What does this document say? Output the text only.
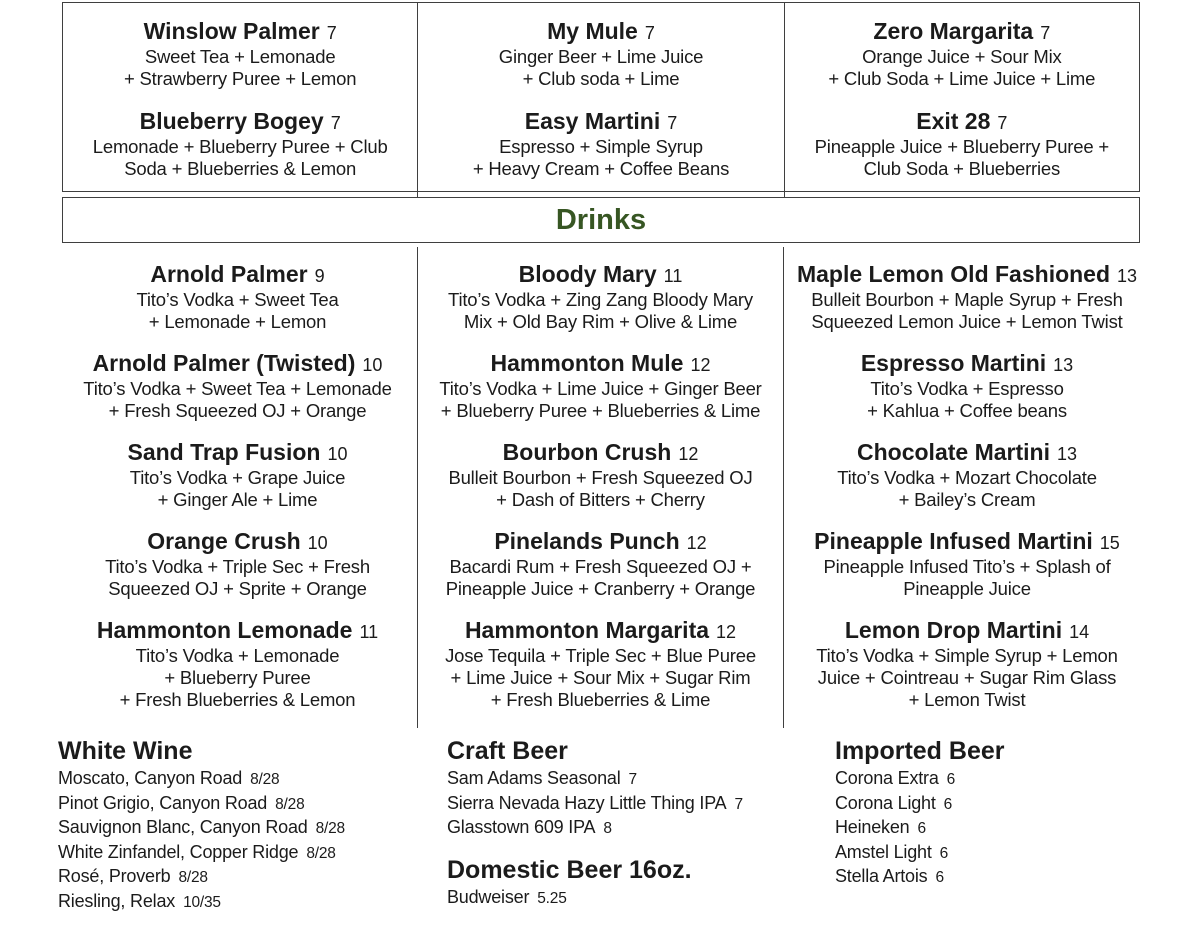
Winslow Palmer 7
Sweet Tea + Lemonade
+ Strawberry Puree + Lemon
Blueberry Bogey 7
Lemonade + Blueberry Puree + Club
Soda + Blueberries & Lemon
My Mule 7
Ginger Beer + Lime Juice
+ Club soda + Lime
Easy Martini 7
Espresso + Simple Syrup
+ Heavy Cream + Coffee Beans
Zero Margarita 7
Orange Juice + Sour Mix
+ Club Soda + Lime Juice + Lime
Exit 28 7
Pineapple Juice + Blueberry Puree +
Club Soda + Blueberries
Drinks
Arnold Palmer 9
Tito’s Vodka + Sweet Tea
+ Lemonade + Lemon
Arnold Palmer (Twisted) 10
Tito’s Vodka + Sweet Tea + Lemonade
+ Fresh Squeezed OJ + Orange
Sand Trap Fusion 10
Tito’s Vodka + Grape Juice
+ Ginger Ale + Lime
Orange Crush 10
Tito’s Vodka + Triple Sec + Fresh
Squeezed OJ + Sprite + Orange
Hammonton Lemonade 11
Tito’s Vodka + Lemonade
+ Blueberry Puree
+ Fresh Blueberries & Lemon
Bloody Mary 11
Tito’s Vodka + Zing Zang Bloody Mary
Mix + Old Bay Rim + Olive & Lime
Hammonton Mule 12
Tito’s Vodka + Lime Juice + Ginger Beer
+ Blueberry Puree + Blueberries & Lime
Bourbon Crush 12
Bulleit Bourbon + Fresh Squeezed OJ
+ Dash of Bitters + Cherry
Pinelands Punch 12
Bacardi Rum + Fresh Squeezed OJ +
Pineapple Juice + Cranberry + Orange
Hammonton Margarita 12
Jose Tequila + Triple Sec + Blue Puree
+ Lime Juice + Sour Mix + Sugar Rim
+ Fresh Blueberries & Lime
Maple Lemon Old Fashioned 13
Bulleit Bourbon + Maple Syrup + Fresh
Squeezed Lemon Juice + Lemon Twist
Espresso Martini 13
Tito’s Vodka + Espresso
+ Kahlua + Coffee beans
Chocolate Martini 13
Tito’s Vodka + Mozart Chocolate
+ Bailey’s Cream
Pineapple Infused Martini 15
Pineapple Infused Tito’s + Splash of
Pineapple Juice
Lemon Drop Martini 14
Tito’s Vodka + Simple Syrup + Lemon
Juice + Cointreau + Sugar Rim Glass
+ Lemon Twist
White Wine
Moscato, Canyon Road 8/28
Pinot Grigio, Canyon Road 8/28
Sauvignon Blanc, Canyon Road 8/28
White Zinfandel, Copper Ridge 8/28
Rosé, Proverb 8/28
Riesling, Relax 10/35
Craft Beer
Sam Adams Seasonal 7
Sierra Nevada Hazy Little Thing IPA 7
Glasstown 609 IPA 8
Domestic Beer 16oz.
Budweiser 5.25
Imported Beer
Corona Extra 6
Corona Light 6
Heineken 6
Amstel Light 6
Stella Artois 6
